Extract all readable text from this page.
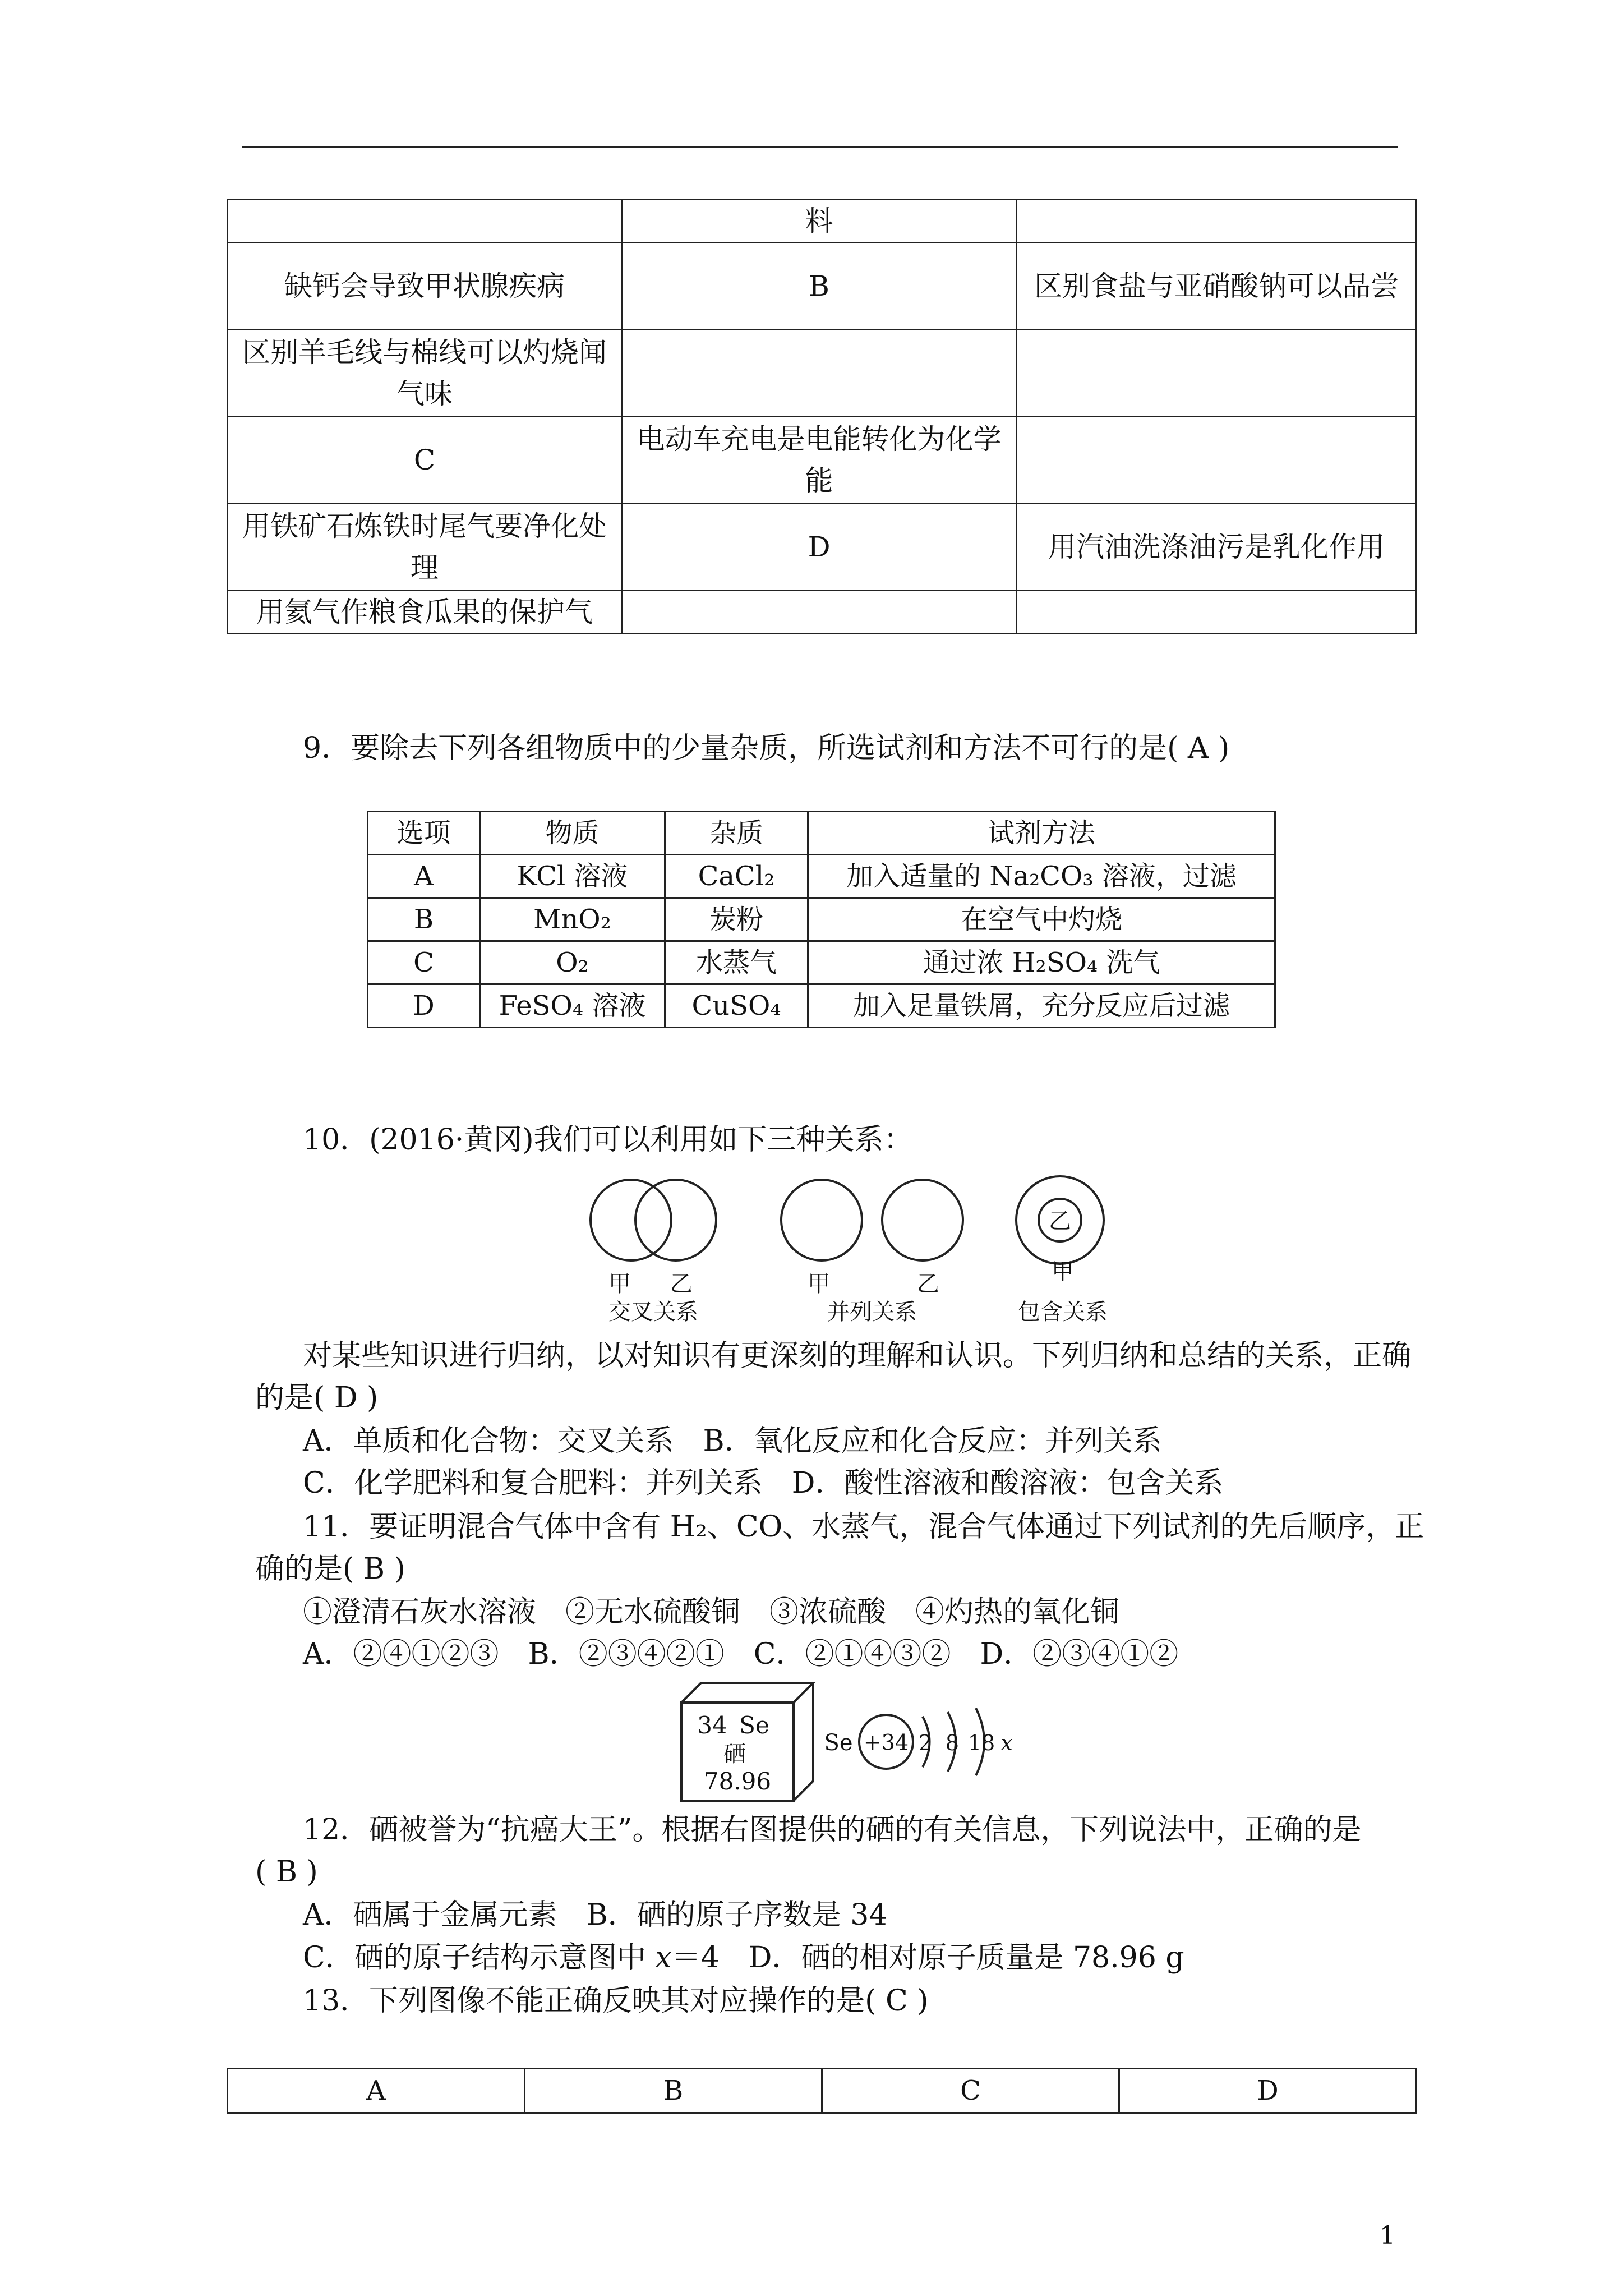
	料	
缺钙会导致甲状腺疾病	B	区别食盐与亚硝酸钠可以品尝
区别羊毛线与棉线可以灼烧闻气味		
C	电动车充电是电能转化为化学能	
用铁矿石炼铁时尾气要净化处理	D	用汽油洗涤油污是乳化作用
用氦气作粮食瓜果的保护气		
9．要除去下列各组物质中的少量杂质，所选试剂和方法不可行的是( A )
选项	物质	杂质	试剂方法
A	KCl 溶液	CaCl₂	加入适量的 Na₂CO₃ 溶液，过滤
B	MnO₂	炭粉	在空气中灼烧
C	O₂	水蒸气	通过浓 H₂SO₄ 洗气
D	FeSO₄ 溶液	CuSO₄	加入足量铁屑，充分反应后过滤
10．(2016·黄冈)我们可以利用如下三种关系：
乙
甲 乙	甲	乙	甲
交叉关系	并列关系	包含关系
对某些知识进行归纳，以对知识有更深刻的理解和认识。下列归纳和总结的关系，正确
的是( D )
A．单质和化合物：交叉关系　B．氧化反应和化合反应：并列关系
C．化学肥料和复合肥料：并列关系　D．酸性溶液和酸溶液：包含关系
11．要证明混合气体中含有 H₂、CO、水蒸气，混合气体通过下列试剂的先后顺序，正
确的是( B )
①澄清石灰水溶液　②无水硫酸铜　③浓硫酸　④灼热的氧化铜
A．②④①②③　B．②③④②①　C．②①④③②　D．②③④①②
34 Se
硒
78.96
Se +34 2 8 18 x
12．硒被誉为“抗癌大王”。根据右图提供的硒的有关信息，下列说法中，正确的是
( B )
A．硒属于金属元素　B．硒的原子序数是 34
C．硒的原子结构示意图中 x＝4　D．硒的相对原子质量是 78.96 g
13．下列图像不能正确反映其对应操作的是( C )
A	B	C	D
1
